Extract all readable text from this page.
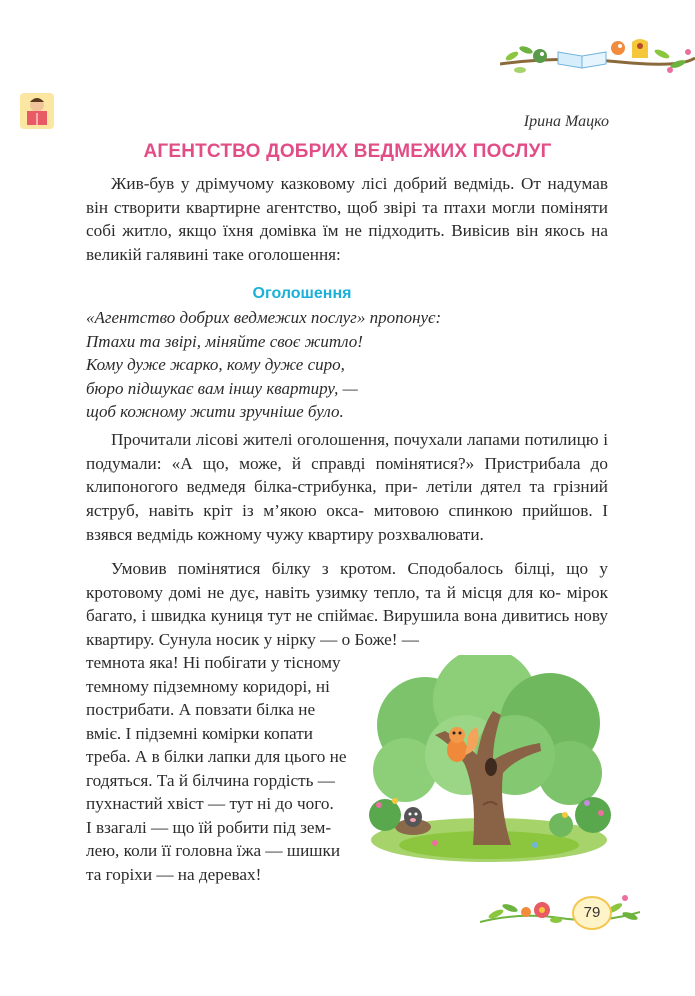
Ірина Мацко
АГЕНТСТВО ДОБРИХ ВЕДМЕЖИХ ПОСЛУГ
Жив-був у дрімучому казковому лісі добрий ведмідь. От надумав він створити квартирне агентство, щоб звірі та птахи могли поміняти собі житло, якщо їхня домівка їм не підходить. Вивісив він якось на великій галявині таке оголошення:
Оголошення
«Агентство добрих ведмежих послуг» пропонує:
Птахи та звірі, міняйте своє житло!
Кому дуже жарко, кому дуже сиро,
бюро підшукає вам іншу квартиру, —
щоб кожному жити зручніше було.
Прочитали лісові жителі оголошення, почухали лапами потилицю і подумали: «А що, може, й справді помінятися?» Пристрибала до клипоногого ведмедя білка-стрибунка, при- летіли дятел та грізний яструб, навіть кріт із м’якою окса- митовою спинкою прийшов. І взявся ведмідь кожному чужу квартиру розхвалювати.
Умовив помінятися білку з кротом. Сподобалось білці, що у кротовому домі не дує, навіть узимку тепло, та й місця для ко- мірок багато, і швидка куниця тут не спіймає. Вирушила вона дивитись нову квартиру. Сунула носик у нірку — о Боже! —
темнота яка! Ні побігати у тісному
темному підземному коридорі, ні
пострибати. А повзати білка не
вміє. І підземні комірки копати
треба. А в білки лапки для цього не
годяться. Та й білчина гордість —
пухнастий хвіст — тут ні до чого.
І взагалі — що їй робити під зем-
лею, коли її головна їжа — шишки
та горіхи — на деревах!
79
